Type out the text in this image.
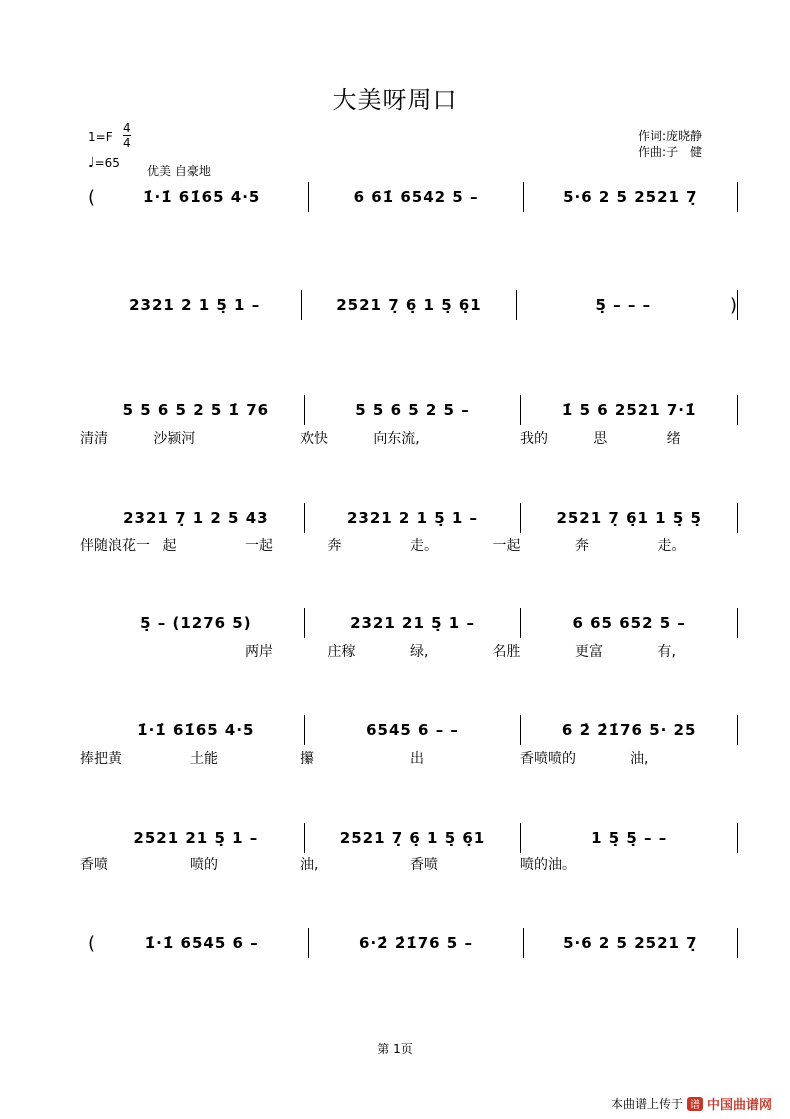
大美呀周口
1=F
4
4
♩=65
优美 自豪地
作词:庞晓静
作曲:子　健
(	1̇·1̇ 61̇65 4·5	6 61̇ 6542 5 –	5·6 2 5 2521 7̣
2321 2 1 5̣ 1 –	2521 7̣ 6̣ 1 5̣ 6̣1	5̣ – – –	)
5 5 6 5 2 5 1̇ 76	5 5 6 5 2 5 –	1̇ 5 6 2521 7·1̇
清清	沙颍河	欢快	向东流,	我的	思	绪
2321 7̣ 1 2 5 43	2321 2 1 5̣ 1 –	2521 7̣ 6̣1 1 5̣ 5̣
伴随浪花一 起	一起	奔	走。	一起	奔	走。
5̣ – (1276 5)	2321 21 5̣ 1 –	6 65 652 5 –
两岸	庄稼	绿,	名胜	更富	有,
1̇·1̇ 61̇65 4·5	6545 6 – –	6 2̇ 2̇1̇76 5· 25
捧把黄	土能	攥	出	香喷喷的	油,
2521 21 5̣ 1 –	2521 7̣ 6̣ 1 5̣ 6̣1	1 5̣ 5̣ – –
香喷	喷的	油,	香喷	喷的油。
(	1̇·1̇ 6545 6 –	6·2̇ 2̇1̇76 5 –	5·6 2 5 2521 7̣
第 1页
本曲谱上传于 谱 中国曲谱网
